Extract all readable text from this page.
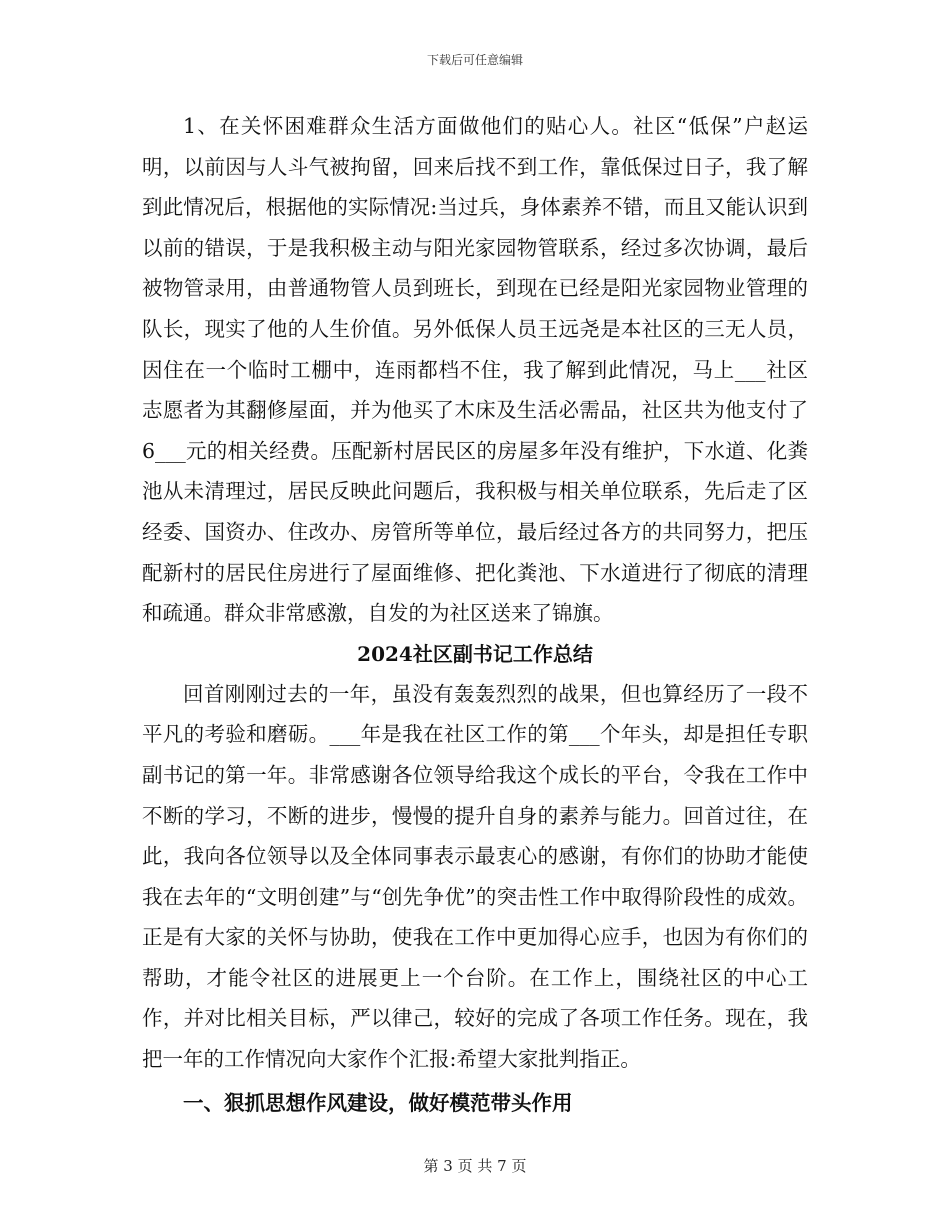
下载后可任意编辑

1、在关怀困难群众生活方面做他们的贴心人。社区“低保”户赵运明，以前因与人斗气被拘留，回来后找不到工作，靠低保过日子，我了解到此情况后，根据他的实际情况:当过兵，身体素养不错，而且又能认识到以前的错误，于是我积极主动与阳光家园物管联系，经过多次协调，最后被物管录用，由普通物管人员到班长，到现在已经是阳光家园物业管理的队长，现实了他的人生价值。另外低保人员王远尧是本社区的三无人员，因住在一个临时工棚中，连雨都档不住，我了解到此情况，马上___社区志愿者为其翻修屋面，并为他买了木床及生活必需品，社区共为他支付了6___元的相关经费。压配新村居民区的房屋多年没有维护，下水道、化粪池从未清理过，居民反映此问题后，我积极与相关单位联系，先后走了区经委、国资办、住改办、房管所等单位，最后经过各方的共同努力，把压配新村的居民住房进行了屋面维修、把化粪池、下水道进行了彻底的清理和疏通。群众非常感激，自发的为社区送来了锦旗。

2024社区副书记工作总结

回首刚刚过去的一年，虽没有轰轰烈烈的战果，但也算经历了一段不平凡的考验和磨砺。___年是我在社区工作的第___个年头，却是担任专职副书记的第一年。非常感谢各位领导给我这个成长的平台，令我在工作中不断的学习，不断的进步，慢慢的提升自身的素养与能力。回首过往，在此，我向各位领导以及全体同事表示最衷心的感谢，有你们的协助才能使我在去年的“文明创建”与“创先争优”的突击性工作中取得阶段性的成效。正是有大家的关怀与协助，使我在工作中更加得心应手，也因为有你们的帮助，才能令社区的进展更上一个台阶。在工作上，围绕社区的中心工作，并对比相关目标，严以律己，较好的完成了各项工作任务。现在，我把一年的工作情况向大家作个汇报:希望大家批判指正。

一、狠抓思想作风建设，做好模范带头作用

第 3 页 共 7 页
